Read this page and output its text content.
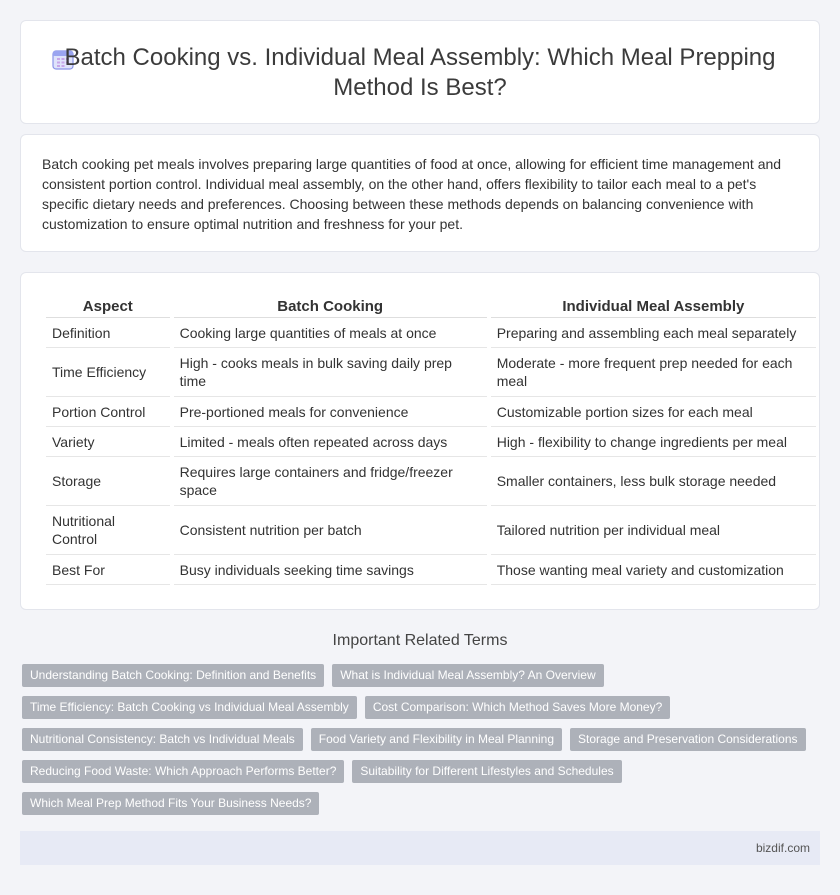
Batch Cooking vs. Individual Meal Assembly: Which Meal Prepping Method Is Best?

Batch cooking pet meals involves preparing large quantities of food at once, allowing for efficient time management and consistent portion control. Individual meal assembly, on the other hand, offers flexibility to tailor each meal to a pet's specific dietary needs and preferences. Choosing between these methods depends on balancing convenience with customization to ensure optimal nutrition and freshness for your pet.

Aspect	Batch Cooking	Individual Meal Assembly
Definition	Cooking large quantities of meals at once	Preparing and assembling each meal separately
Time Efficiency	High - cooks meals in bulk saving daily prep time	Moderate - more frequent prep needed for each meal
Portion Control	Pre-portioned meals for convenience	Customizable portion sizes for each meal
Variety	Limited - meals often repeated across days	High - flexibility to change ingredients per meal
Storage	Requires large containers and fridge/freezer space	Smaller containers, less bulk storage needed
Nutritional Control	Consistent nutrition per batch	Tailored nutrition per individual meal
Best For	Busy individuals seeking time savings	Those wanting meal variety and customization
Important Related Terms
Understanding Batch Cooking: Definition and Benefits	What is Individual Meal Assembly? An Overview
Time Efficiency: Batch Cooking vs Individual Meal Assembly	Cost Comparison: Which Method Saves More Money?
Nutritional Consistency: Batch vs Individual Meals	Food Variety and Flexibility in Meal Planning	Storage and Preservation Considerations
Reducing Food Waste: Which Approach Performs Better?	Suitability for Different Lifestyles and Schedules
Which Meal Prep Method Fits Your Business Needs?
bizdif.com
